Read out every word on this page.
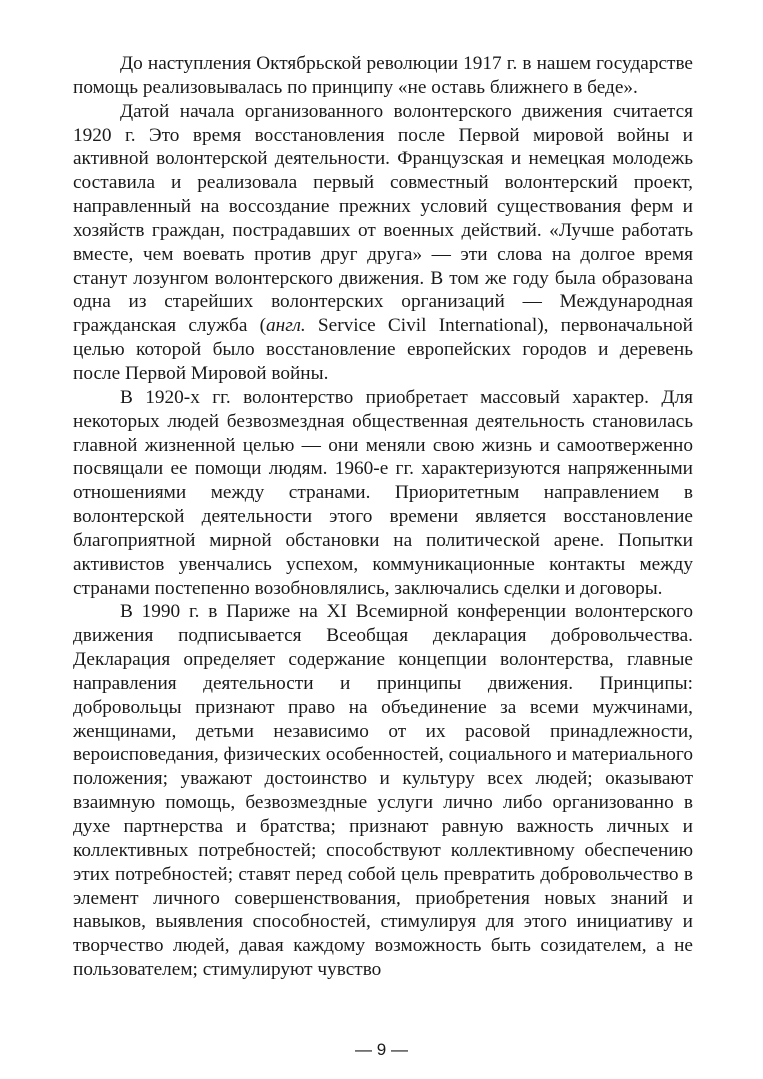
До наступления Октябрьской революции 1917 г. в нашем государстве помощь реализовывалась по принципу «не оставь ближнего в беде».

Датой начала организованного волонтерского движения считается 1920 г. Это время восстановления после Первой мировой войны и активной волонтерской деятельности. Французская и немецкая молодежь составила и реализовала первый совместный волонтерский проект, направленный на воссоздание прежних условий существования ферм и хозяйств граждан, пострадавших от военных действий. «Лучше работать вместе, чем воевать против друг друга» — эти слова на долгое время станут лозунгом волонтерского движения. В том же году была образована одна из старейших волонтерских организаций — Международная гражданская служба (англ. Service Civil International), первоначальной целью которой было восстановление европейских городов и деревень после Первой Мировой войны.

В 1920-х гг. волонтерство приобретает массовый характер. Для некоторых людей безвозмездная общественная деятельность становилась главной жизненной целью — они меняли свою жизнь и самоотверженно посвящали ее помощи людям. 1960-е гг. характеризуются напряженными отношениями между странами. Приоритетным направлением в волонтерской деятельности этого времени является восстановление благоприятной мирной обстановки на политической арене. Попытки активистов увенчались успехом, коммуникационные контакты между странами постепенно возобновлялись, заключались сделки и договоры.

В 1990 г. в Париже на XI Всемирной конференции волонтерского движения подписывается Всеобщая декларация добровольчества. Декларация определяет содержание концепции волонтерства, главные направления деятельности и принципы движения. Принципы: добровольцы признают право на объединение за всеми мужчинами, женщинами, детьми независимо от их расовой принадлежности, вероисповедания, физических особенностей, социального и материального положения; уважают достоинство и культуру всех людей; оказывают взаимную помощь, безвозмездные услуги лично либо организованно в духе партнерства и братства; признают равную важность личных и коллективных потребностей; способствуют коллективному обеспечению этих потребностей; ставят перед собой цель превратить добровольчество в элемент личного совершенствования, приобретения новых знаний и навыков, выявления способностей, стимулируя для этого инициативу и творчество людей, давая каждому возможность быть созидателем, а не пользователем; стимулируют чувство

— 9 —
